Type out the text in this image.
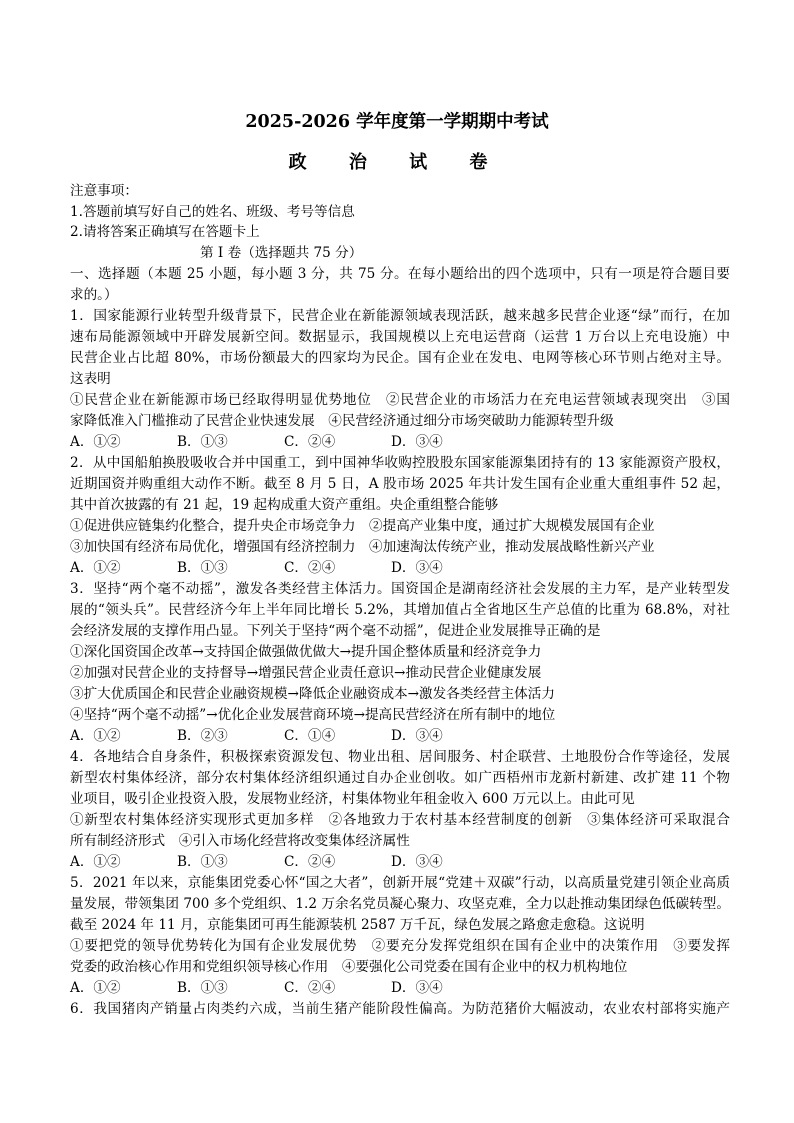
2025-2026 学年度第一学期期中考试
政 治 试 卷
注意事项：
1.答题前填写好自己的姓名、班级、考号等信息
2.请将答案正确填写在答题卡上
第 I 卷（选择题共 75 分）
一、选择题（本题 25 小题，每小题 3 分，共 75 分。在每小题给出的四个选项中，只有一项是符合题目要
求的。）
1．国家能源行业转型升级背景下，民营企业在新能源领域表现活跃，越来越多民营企业逐“绿”而行，在加
速布局能源领域中开辟发展新空间。数据显示，我国规模以上充电运营商（运营 1 万台以上充电设施）中
民营企业占比超 80%，市场份额最大的四家均为民企。国有企业在发电、电网等核心环节则占绝对主导。
这表明
①民营企业在新能源市场已经取得明显优势地位　②民营企业的市场活力在充电运营领域表现突出　③国
家降低准入门槛推动了民营企业快速发展　④民营经济通过细分市场突破助力能源转型升级
A．①②	B．①③	C．②④	D．③④
2．从中国船舶换股吸收合并中国重工，到中国神华收购控股股东国家能源集团持有的 13 家能源资产股权，
近期国资并购重组大动作不断。截至 8 月 5 日，A 股市场 2025 年共计发生国有企业重大重组事件 52 起，
其中首次披露的有 21 起，19 起构成重大资产重组。央企重组整合能够
①促进供应链集约化整合，提升央企市场竞争力　②提高产业集中度，通过扩大规模发展国有企业
③加快国有经济布局优化，增强国有经济控制力　④加速淘汰传统产业，推动发展战略性新兴产业
A．①②	B．①③	C．②④	D．③④
3．坚持“两个毫不动摇”，激发各类经营主体活力。国资国企是湖南经济社会发展的主力军，是产业转型发
展的“领头兵”。民营经济今年上半年同比增长 5.2%，其增加值占全省地区生产总值的比重为 68.8%，对社
会经济发展的支撑作用凸显。下列关于坚持“两个毫不动摇”，促进企业发展推导正确的是
①深化国资国企改革→支持国企做强做优做大→提升国企整体质量和经济竞争力
②加强对民营企业的支持督导→增强民营企业责任意识→推动民营企业健康发展
③扩大优质国企和民营企业融资规模→降低企业融资成本→激发各类经营主体活力
④坚持“两个毫不动摇”→优化企业发展营商环境→提高民营经济在所有制中的地位
A．①②	B．②③	C．①④	D．③④
4．各地结合自身条件，积极探索资源发包、物业出租、居间服务、村企联营、土地股份合作等途径，发展
新型农村集体经济，部分农村集体经济组织通过自办企业创收。如广西梧州市龙新村新建、改扩建 11 个物
业项目，吸引企业投资入股，发展物业经济，村集体物业年租金收入 600 万元以上。由此可见
①新型农村集体经济实现形式更加多样　②各地致力于农村基本经营制度的创新　③集体经济可采取混合
所有制经济形式　④引入市场化经营将改变集体经济属性
A．①②	B．①③	C．②④	D．③④
5．2021 年以来，京能集团党委心怀“国之大者”，创新开展“党建＋双碳”行动，以高质量党建引领企业高质
量发展，带领集团 700 多个党组织、1.2 万余名党员凝心聚力、攻坚克难，全力以赴推动集团绿色低碳转型。
截至 2024 年 11 月，京能集团可再生能源装机 2587 万千瓦，绿色发展之路愈走愈稳。这说明
①要把党的领导优势转化为国有企业发展优势　②要充分发挥党组织在国有企业中的决策作用　③要发挥
党委的政治核心作用和党组织领导核心作用　④要强化公司党委在国有企业中的权力机构地位
A．①②	B．①③	C．②④	D．③④
6．我国猪肉产销量占肉类约六成，当前生猪产能阶段性偏高。为防范猪价大幅波动，农业农村部将实施产
